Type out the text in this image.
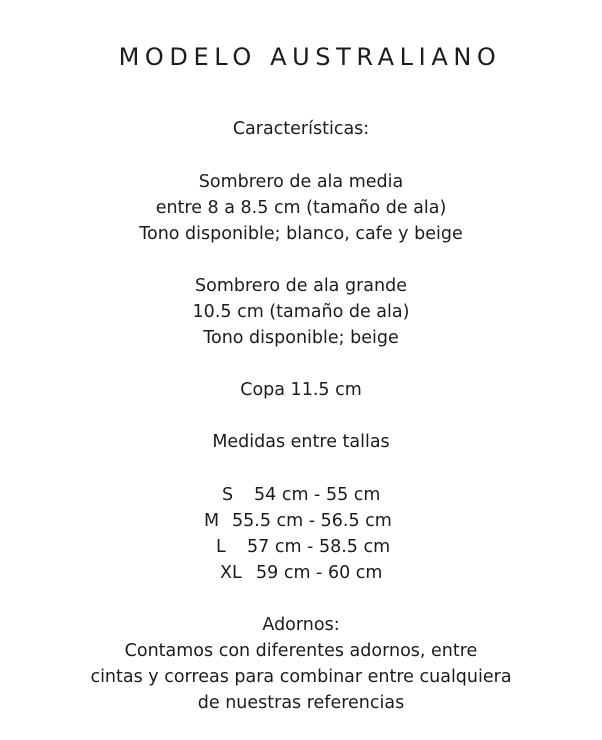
MODELO AUSTRALIANO

Características:

Sombrero de ala media

entre 8 a 8.5 cm (tamaño de ala)

Tono disponible; blanco, cafe y beige

Sombrero de ala grande

10.5 cm (tamaño de ala)

Tono disponible; beige

Copa 11.5 cm

Medidas entre tallas

S 54 cm - 55 cm
M 55.5 cm - 56.5 cm
L 57 cm - 58.5 cm
XL 59 cm - 60 cm

Adornos:

Contamos con diferentes adornos, entre

cintas y correas para combinar entre cualquiera

de nuestras referencias
